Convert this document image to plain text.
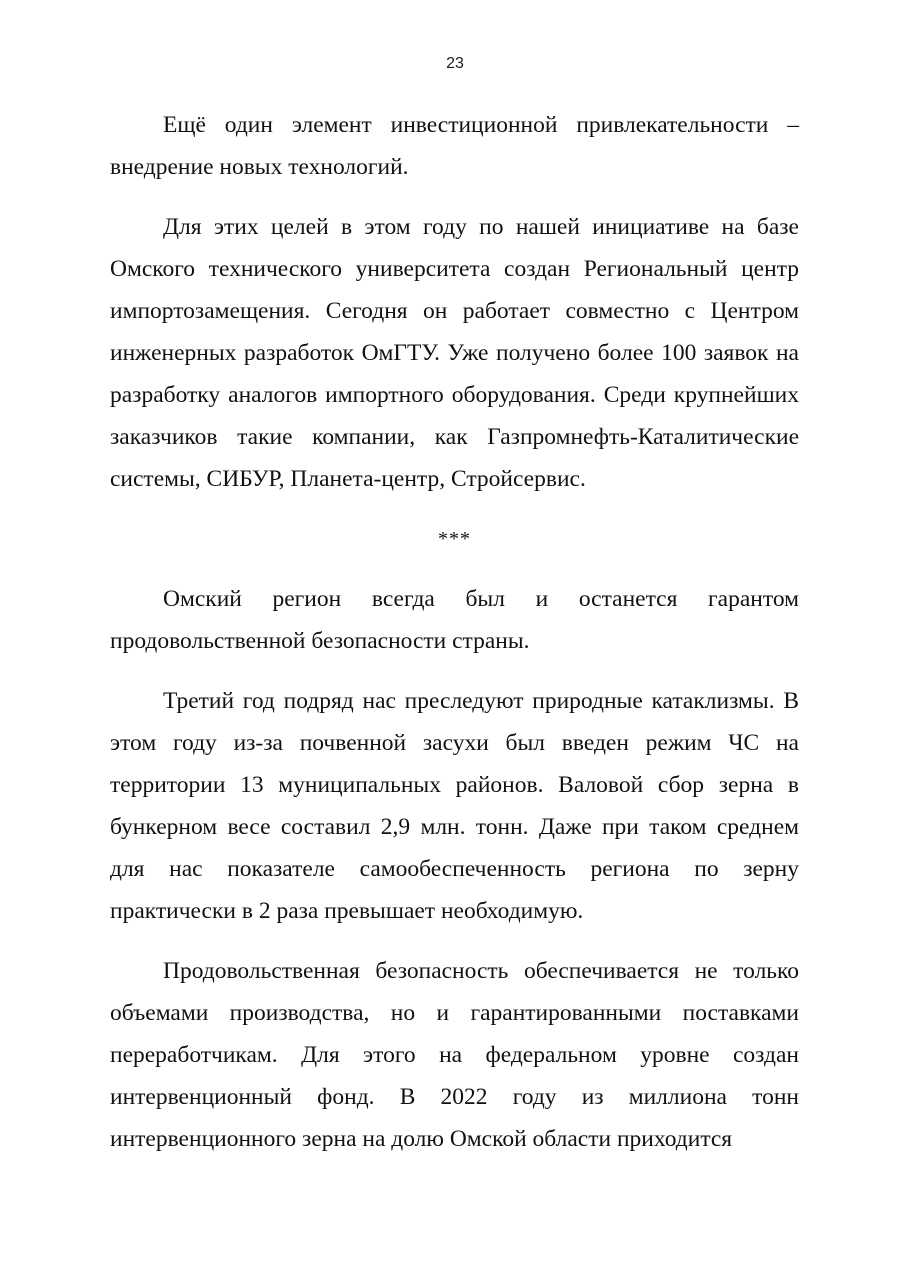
23

Ещё один элемент инвестиционной привлекательности – внедрение новых технологий.

Для этих целей в этом году по нашей инициативе на базе Омского технического университета создан Региональный центр импортозамещения. Сегодня он работает совместно с Центром инженерных разработок ОмГТУ. Уже получено более 100 заявок на разработку аналогов импортного оборудования. Среди крупнейших заказчиков такие компании, как Газпромнефть-Каталитические системы, СИБУР, Планета-центр, Стройсервис.

***

Омский регион всегда был и останется гарантом продовольственной безопасности страны.

Третий год подряд нас преследуют природные катаклизмы. В этом году из-за почвенной засухи был введен режим ЧС на территории 13 муниципальных районов. Валовой сбор зерна в бункерном весе составил 2,9 млн. тонн. Даже при таком среднем для нас показателе самообеспеченность региона по зерну практически в 2 раза превышает необходимую.

Продовольственная безопасность обеспечивается не только объемами производства, но и гарантированными поставками переработчикам. Для этого на федеральном уровне создан интервенционный фонд. В 2022 году из миллиона тонн интервенционного зерна на долю Омской области приходится
